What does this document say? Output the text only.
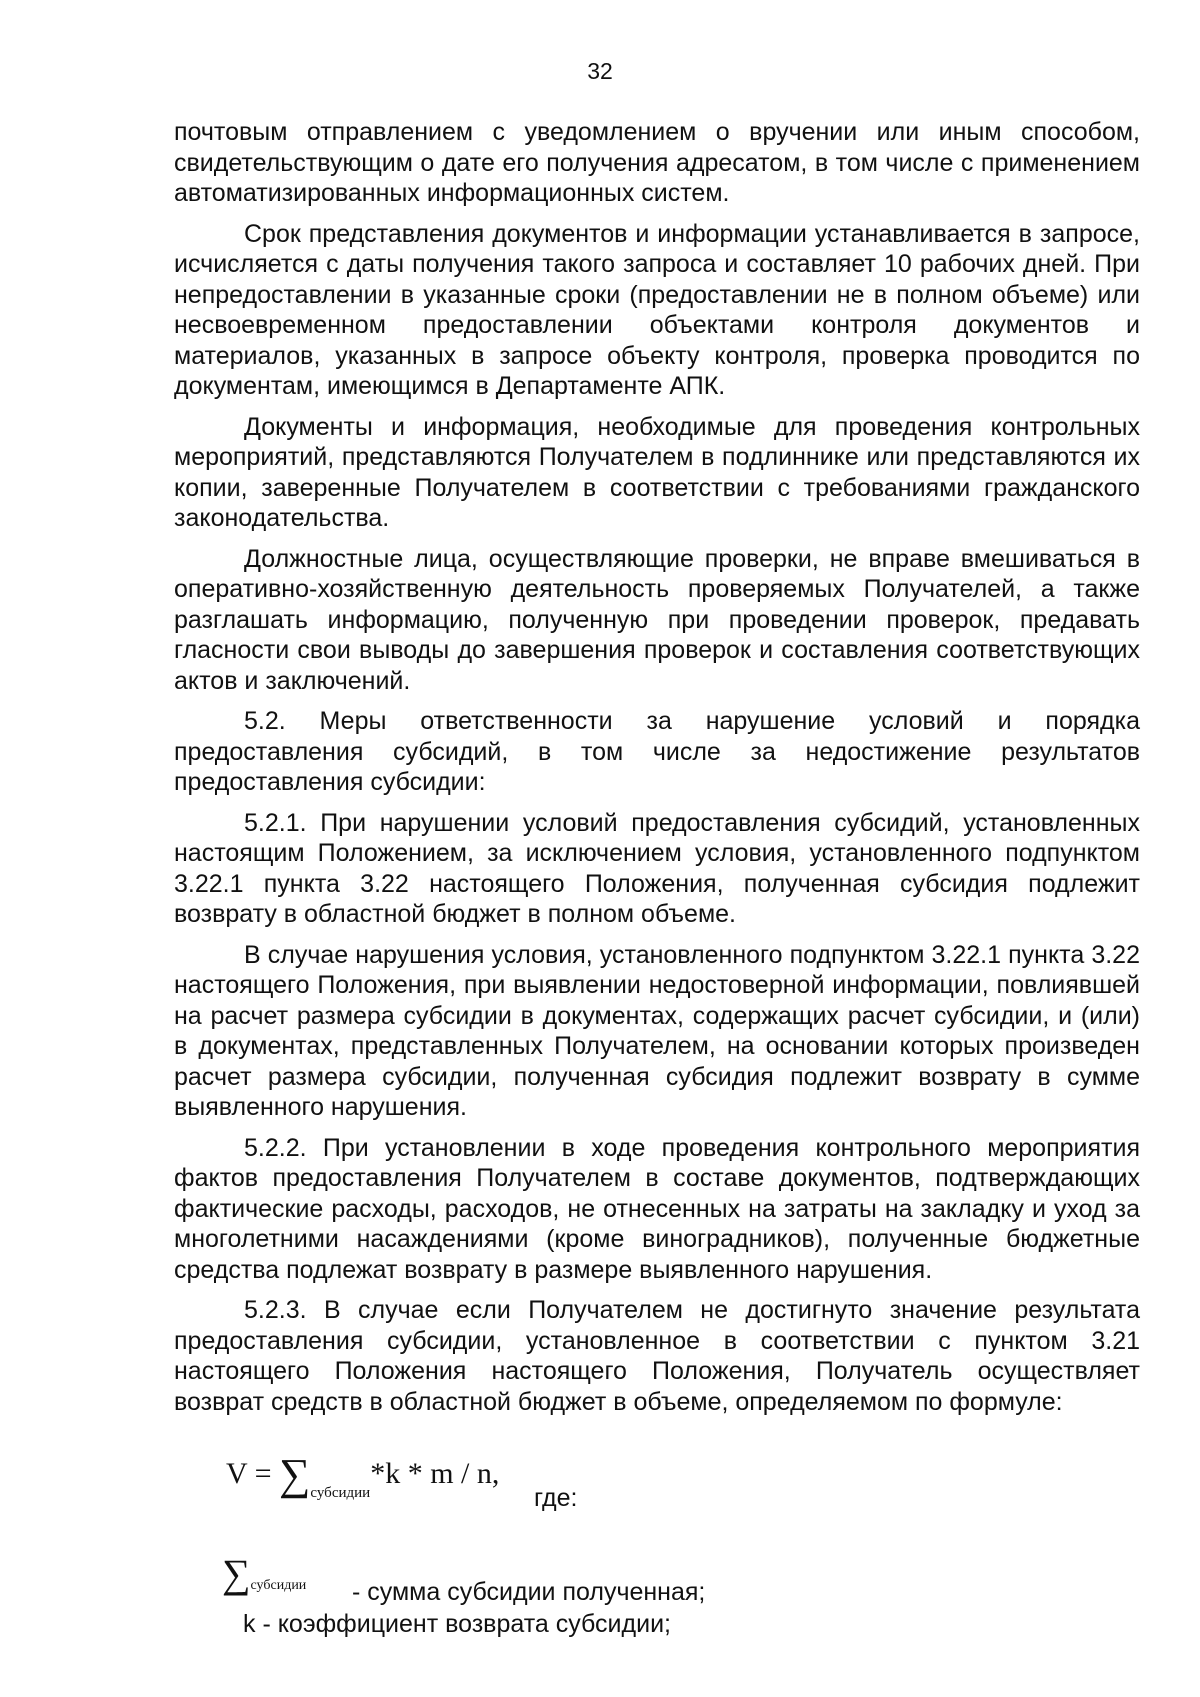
32

почтовым отправлением с уведомлением о вручении или иным способом, свидетельствующим о дате его получения адресатом, в том числе с применением автоматизированных информационных систем.

Срок представления документов и информации устанавливается в запросе, исчисляется с даты получения такого запроса и составляет 10 рабочих дней. При непредоставлении в указанные сроки (предоставлении не в полном объеме) или несвоевременном предоставлении объектами контроля документов и материалов, указанных в запросе объекту контроля, проверка проводится по документам, имеющимся в Департаменте АПК.

Документы и информация, необходимые для проведения контрольных мероприятий, представляются Получателем в подлиннике или представляются их копии, заверенные Получателем в соответствии с требованиями гражданского законодательства.

Должностные лица, осуществляющие проверки, не вправе вмешиваться в оперативно-хозяйственную деятельность проверяемых Получателей, а также разглашать информацию, полученную при проведении проверок, предавать гласности свои выводы до завершения проверок и составления соответствующих актов и заключений.

5.2. Меры ответственности за нарушение условий и порядка предоставления субсидий, в том числе за недостижение результатов предоставления субсидии:

5.2.1. При нарушении условий предоставления субсидий, установленных настоящим Положением, за исключением условия, установленного подпунктом 3.22.1 пункта 3.22 настоящего Положения, полученная субсидия подлежит возврату в областной бюджет в полном объеме.

В случае нарушения условия, установленного подпунктом 3.22.1 пункта 3.22 настоящего Положения, при выявлении недостоверной информации, повлиявшей на расчет размера субсидии в документах, содержащих расчет субсидии, и (или) в документах, представленных Получателем, на основании которых произведен расчет размера субсидии, полученная субсидия подлежит возврату в сумме выявленного нарушения.

5.2.2. При установлении в ходе проведения контрольного мероприятия фактов предоставления Получателем в составе документов, подтверждающих фактические расходы, расходов, не отнесенных на затраты на закладку и уход за многолетними насаждениями (кроме виноградников), полученные бюджетные средства подлежат возврату в размере выявленного нарушения.

5.2.3. В случае если Получателем не достигнуто значение результата предоставления субсидии, установленное в соответствии с пунктом 3.21 настоящего Положения настоящего Положения, Получатель осуществляет возврат средств в областной бюджет в объеме, определяемом по формуле:

$V = \sum_{субсидии}*k * m / n$,
где:
∑субсидии - сумма субсидии полученная;
k - коэффициент возврата субсидии;
